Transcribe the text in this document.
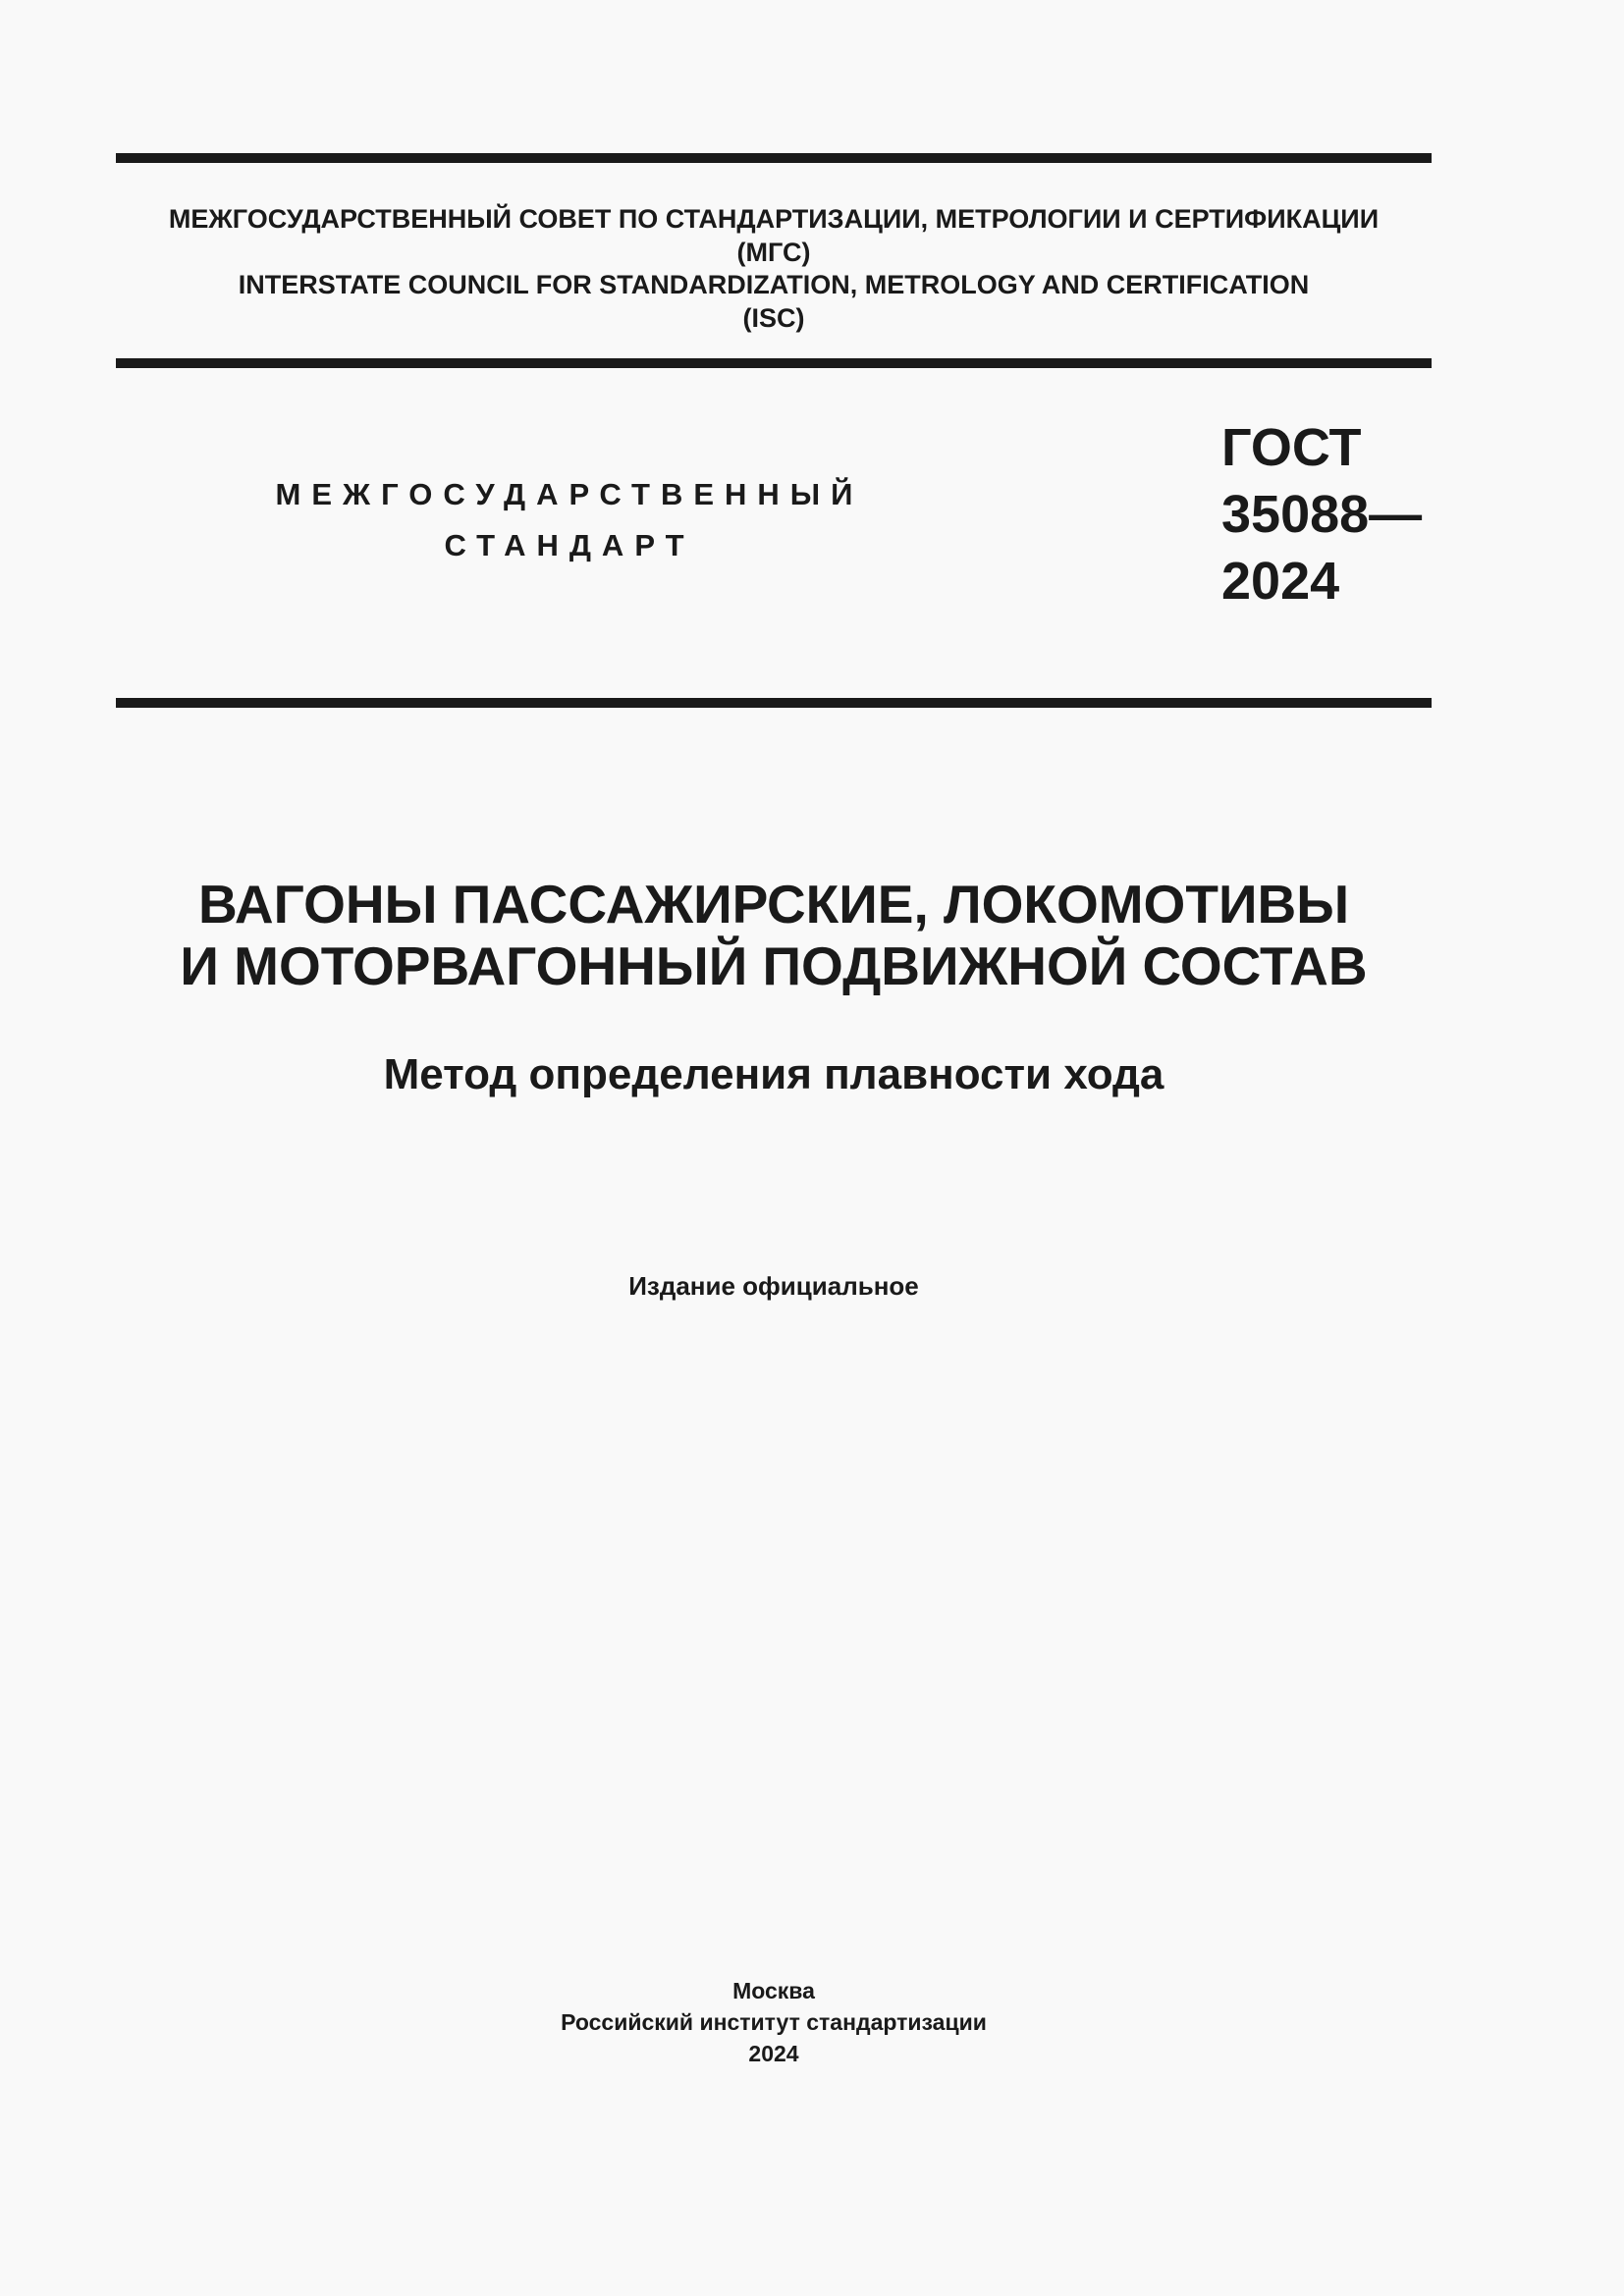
МЕЖГОСУДАРСТВЕННЫЙ СОВЕТ ПО СТАНДАРТИЗАЦИИ, МЕТРОЛОГИИ И СЕРТИФИКАЦИИ
(МГС)
INTERSTATE COUNCIL FOR STANDARDIZATION, METROLOGY AND CERTIFICATION
(ISC)
МЕЖГОСУДАРСТВЕННЫЙ
СТАНДАРТ
ГОСТ
35088—
2024
ВАГОНЫ ПАССАЖИРСКИЕ, ЛОКОМОТИВЫ
И МОТОРВАГОННЫЙ ПОДВИЖНОЙ СОСТАВ
Метод определения плавности хода
Издание официальное
Москва
Российский институт стандартизации
2024
